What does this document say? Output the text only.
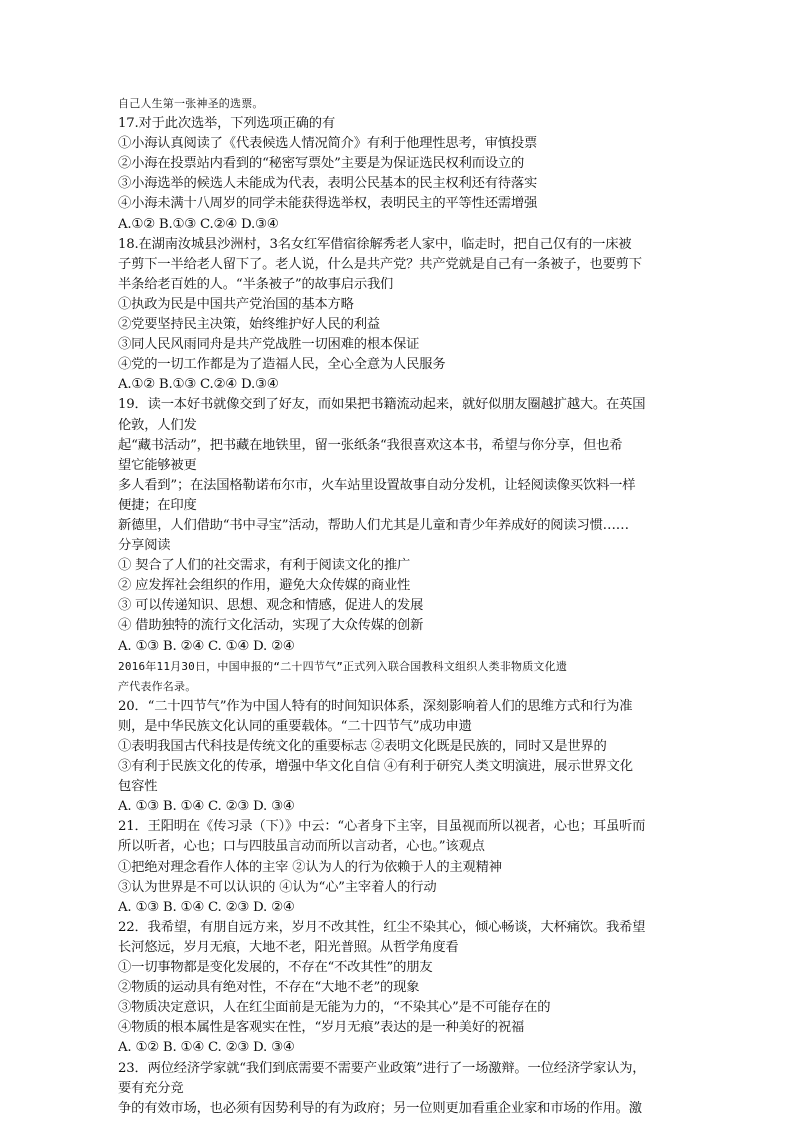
自己人生第一张神圣的选票。
17.对于此次选举，下列选项正确的有
①小海认真阅读了《代表候选人情况简介》有利于他理性思考，审慎投票
②小海在投票站内看到的“秘密写票处”主要是为保证选民权利而设立的
③小海选举的候选人未能成为代表，表明公民基本的民主权利还有待落实
④小海未满十八周岁的同学未能获得选举权，表明民主的平等性还需增强
A.①② B.①③ C.②④ D.③④
18.在湖南汝城县沙洲村，3名女红军借宿徐解秀老人家中，临走时，把自己仅有的一床被
子剪下一半给老人留下了。老人说，什么是共产党？共产党就是自己有一条被子，也要剪下
半条给老百姓的人。“半条被子”的故事启示我们
①执政为民是中国共产党治国的基本方略
②党要坚持民主决策，始终维护好人民的利益
③同人民风雨同舟是共产党战胜一切困难的根本保证
④党的一切工作都是为了造福人民，全心全意为人民服务
A.①② B.①③ C.②④ D.③④
19．读一本好书就像交到了好友，而如果把书籍流动起来，就好似朋友圈越扩越大。在英国
伦敦，人们发
起“藏书活动”，把书藏在地铁里，留一张纸条“我很喜欢这本书，希望与你分享，但也希
望它能够被更
多人看到”；在法国格勒诺布尔市，火车站里设置故事自动分发机，让轻阅读像买饮料一样
便捷；在印度
新德里，人们借助“书中寻宝”活动，帮助人们尤其是儿童和青少年养成好的阅读习惯……
分享阅读
① 契合了人们的社交需求，有利于阅读文化的推广
② 应发挥社会组织的作用，避免大众传媒的商业性
③ 可以传递知识、思想、观念和情感，促进人的发展
④ 借助独特的流行文化活动，实现了大众传媒的创新
A. ①③ B. ②④ C. ①④ D. ②④
2016年11月30日，中国申报的“二十四节气”正式列入联合国教科文组织人类非物质文化遗
产代表作名录。
20．“二十四节气”作为中国人特有的时间知识体系，深刻影响着人们的思维方式和行为准
则，是中华民族文化认同的重要载体。“二十四节气”成功申遗
①表明我国古代科技是传统文化的重要标志 ②表明文化既是民族的，同时又是世界的
③有利于民族文化的传承，增强中华文化自信 ④有利于研究人类文明演进，展示世界文化
包容性
A. ①③ B. ①④ C. ②③ D. ③④
21．王阳明在《传习录（下）》中云：“心者身下主宰，目虽视而所以视者，心也；耳虽听而
所以听者，心也；口与四肢虽言动而所以言动者，心也。”该观点
①把绝对理念看作人体的主宰 ②认为人的行为依赖于人的主观精神
③认为世界是不可以认识的 ④认为“心”主宰着人的行动
A. ①③ B. ①④ C. ②③ D. ②④
22．我希望，有朋自远方来，岁月不改其性，红尘不染其心，倾心畅谈，大杯痛饮。我希望
长河悠远，岁月无痕，大地不老，阳光普照。从哲学角度看
①一切事物都是变化发展的，不存在“不改其性”的朋友
②物质的运动具有绝对性，不存在“大地不老”的现象
③物质决定意识，人在红尘面前是无能为力的，“不染其心”是不可能存在的
④物质的根本属性是客观实在性，“岁月无痕”表达的是一种美好的祝福
A. ①② B. ①④ C. ②③ D. ③④
23．两位经济学家就“我们到底需要不需要产业政策”进行了一场激辩。一位经济学家认为，
要有充分竞
争的有效市场，也必须有因势利导的有为政府；另一位则更加看重企业家和市场的作用。激
